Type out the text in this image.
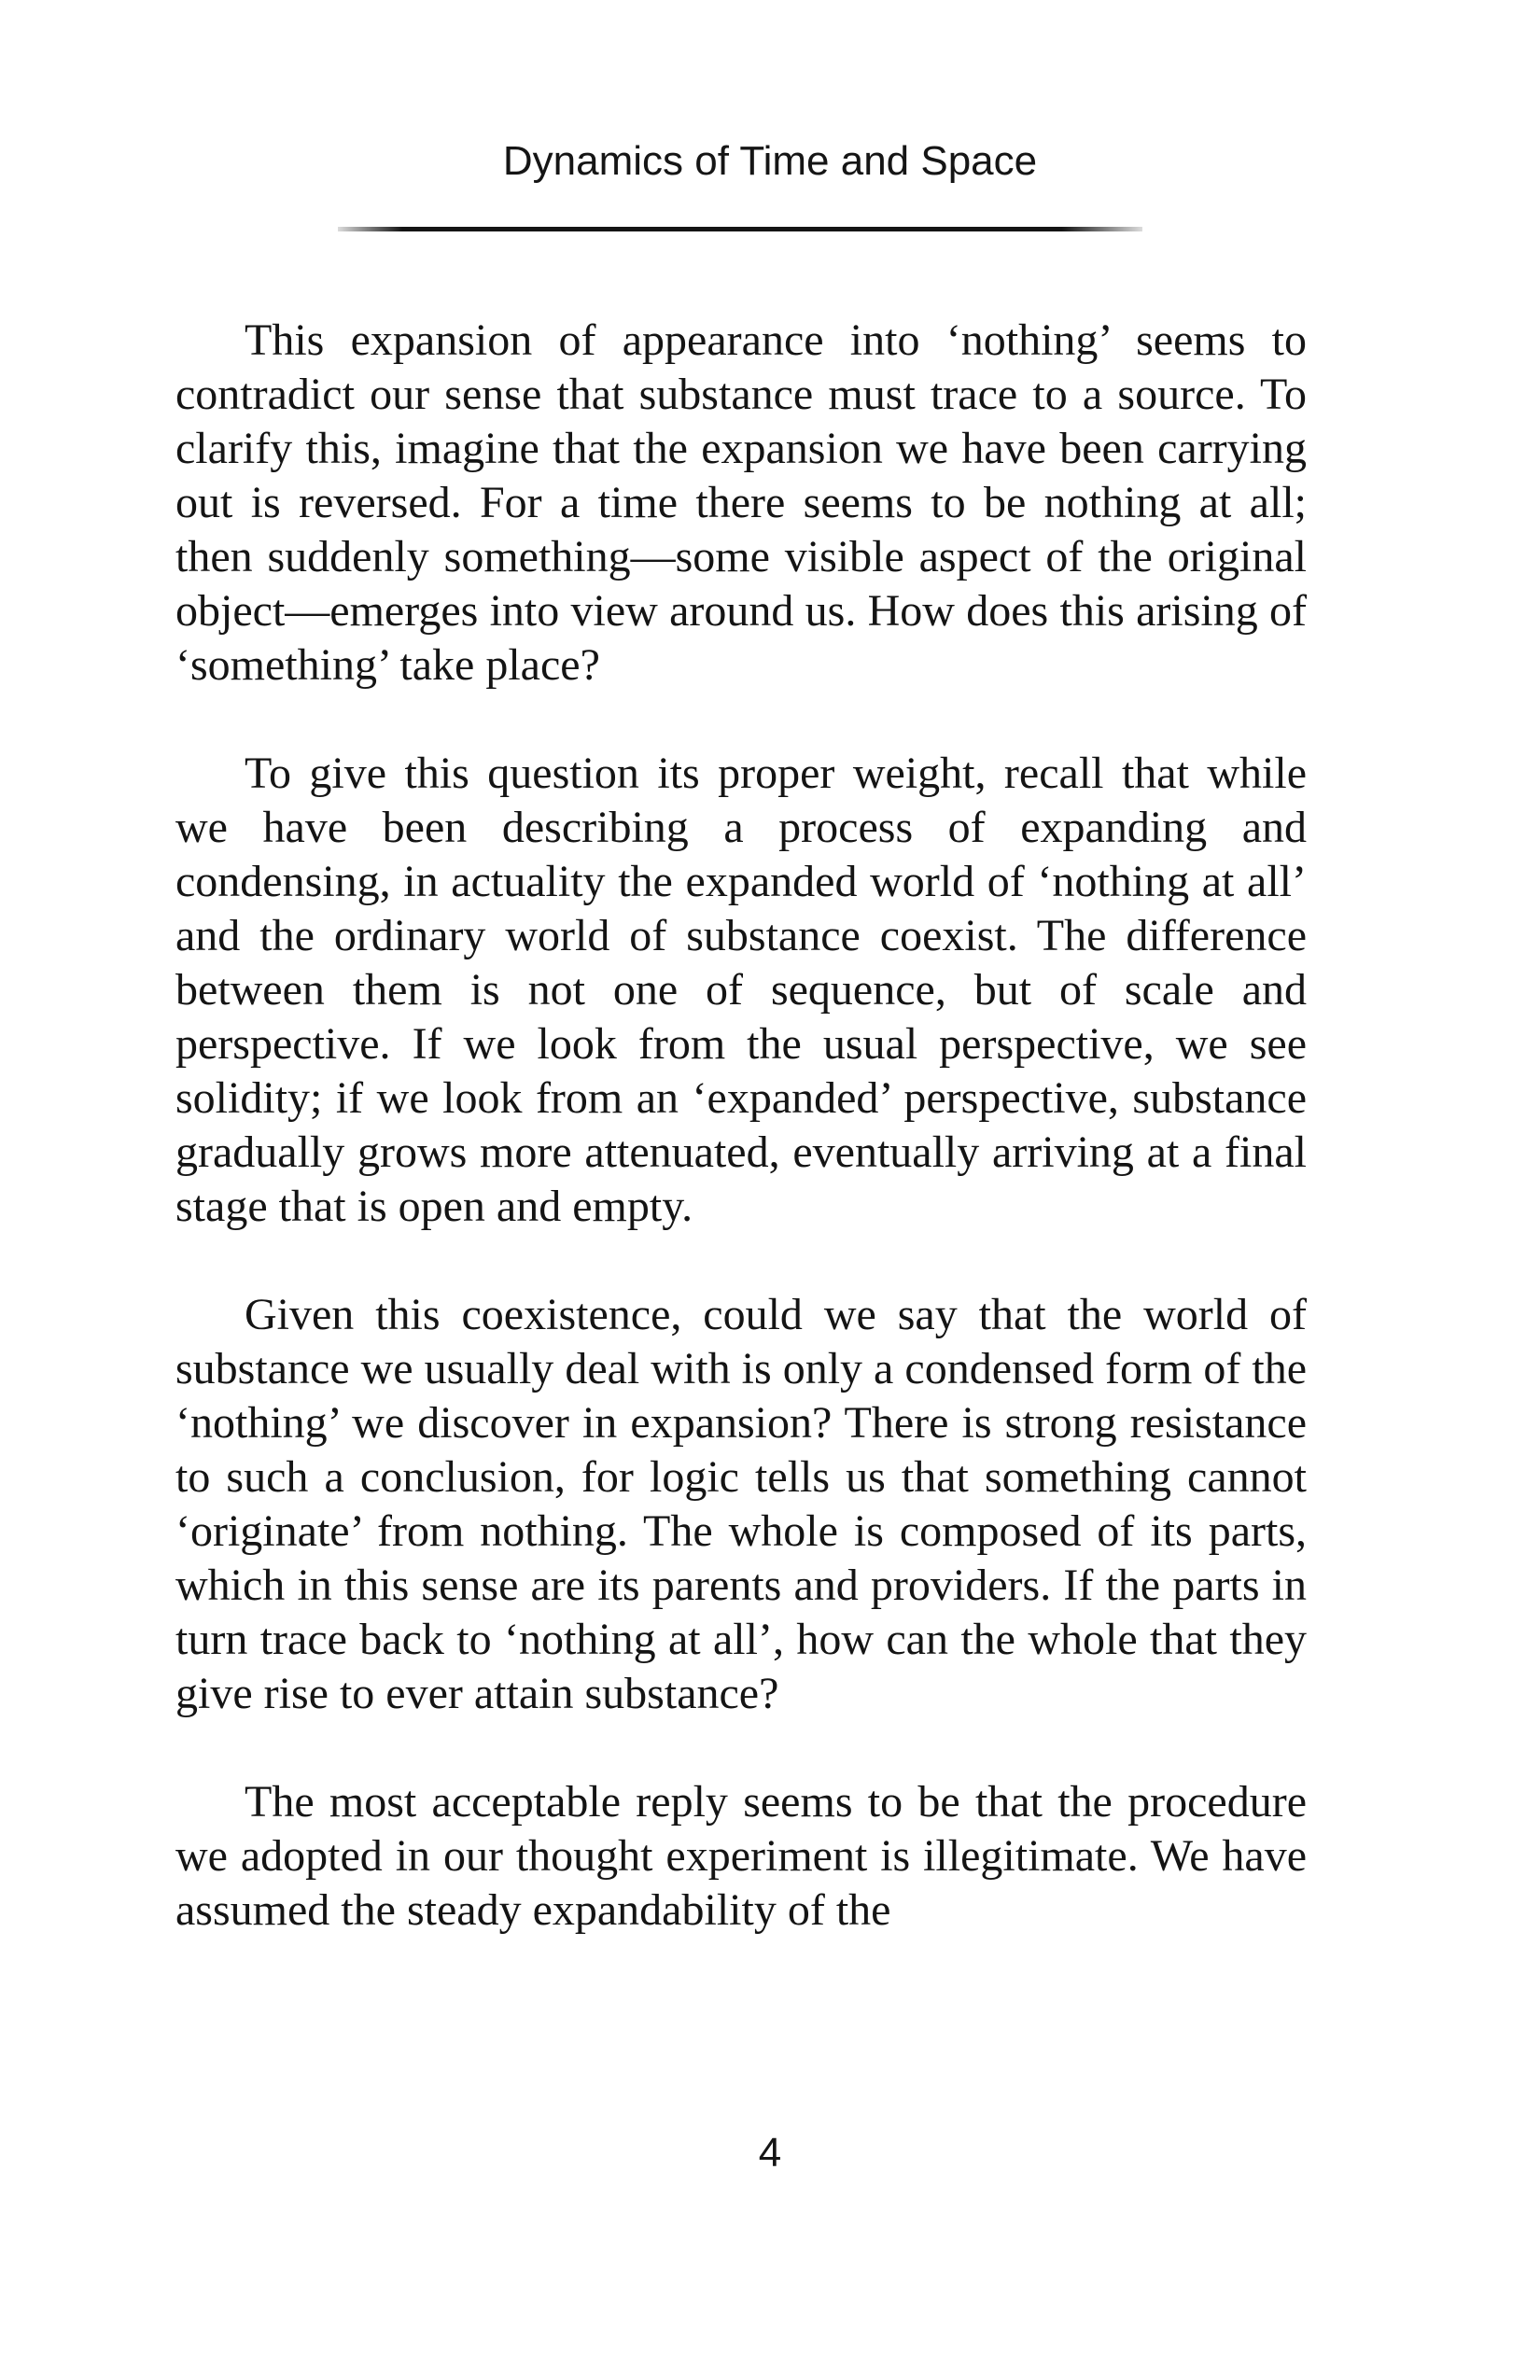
Dynamics of Time and Space

This expansion of appearance into ‘nothing’ seems to contradict our sense that substance must trace to a source. To clarify this, imagine that the expansion we have been carrying out is reversed. For a time there seems to be nothing at all; then suddenly something—some visible aspect of the original object—emerges into view around us. How does this arising of ‘something’ take place?

To give this question its proper weight, recall that while we have been describing a process of expanding and condensing, in actuality the expanded world of ‘nothing at all’ and the ordinary world of substance coexist. The difference between them is not one of sequence, but of scale and perspective. If we look from the usual perspective, we see solidity; if we look from an ‘expanded’ perspective, substance gradually grows more attenuated, eventually arriving at a final stage that is open and empty.

Given this coexistence, could we say that the world of substance we usually deal with is only a condensed form of the ‘nothing’ we discover in expansion? There is strong resistance to such a conclusion, for logic tells us that something cannot ‘originate’ from nothing. The whole is composed of its parts, which in this sense are its parents and providers. If the parts in turn trace back to ‘nothing at all’, how can the whole that they give rise to ever attain substance?

The most acceptable reply seems to be that the procedure we adopted in our thought experiment is illegitimate. We have assumed the steady expandability of the

4
